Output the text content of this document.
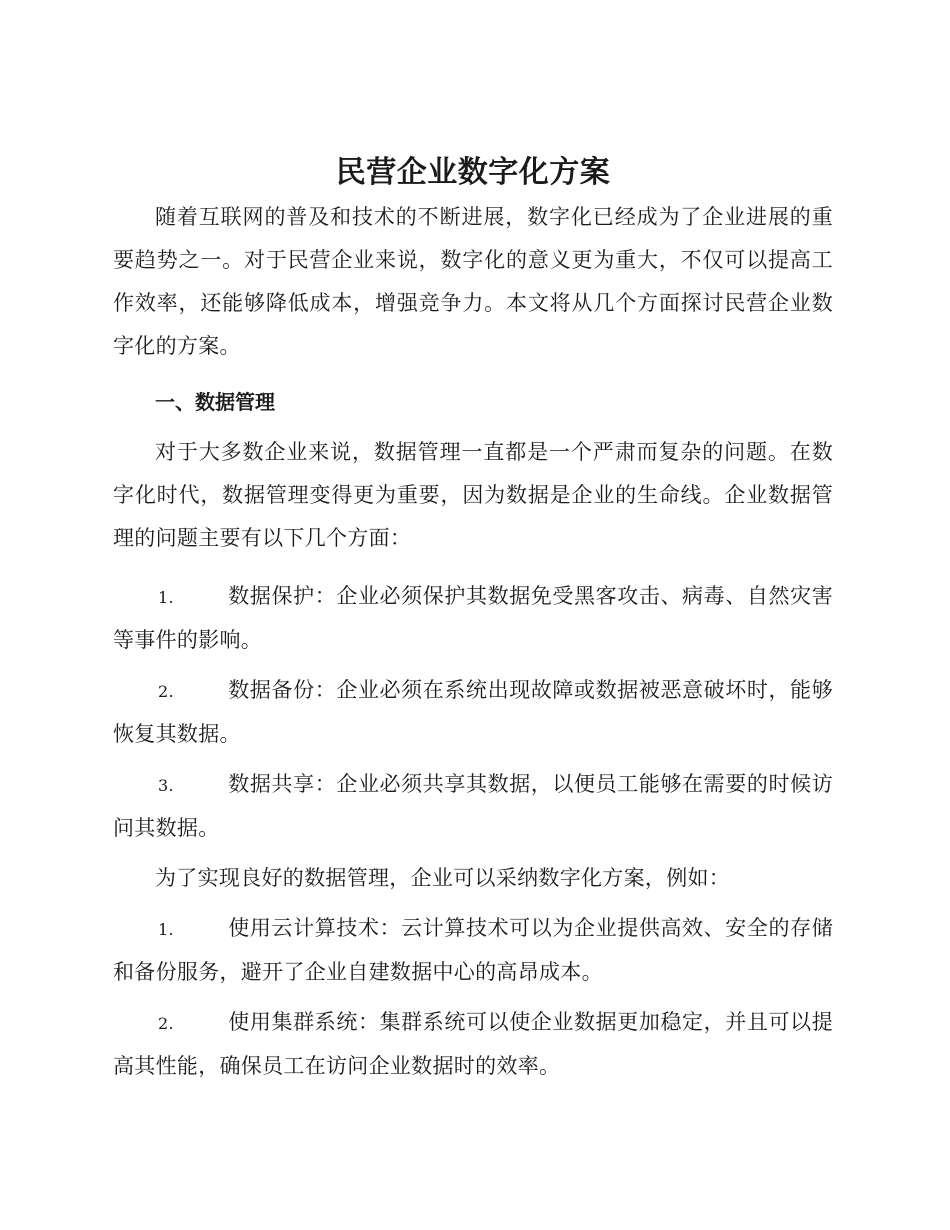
民营企业数字化方案

随着互联网的普及和技术的不断进展，数字化已经成为了企业进展的重要趋势之一。对于民营企业来说，数字化的意义更为重大，不仅可以提高工作效率，还能够降低成本，增强竞争力。本文将从几个方面探讨民营企业数字化的方案。

一、数据管理

对于大多数企业来说，数据管理一直都是一个严肃而复杂的问题。在数字化时代，数据管理变得更为重要，因为数据是企业的生命线。企业数据管理的问题主要有以下几个方面：

1.	数据保护：企业必须保护其数据免受黑客攻击、病毒、自然灾害等事件的影响。
2.	数据备份：企业必须在系统出现故障或数据被恶意破坏时，能够恢复其数据。
3.	数据共享：企业必须共享其数据，以便员工能够在需要的时候访问其数据。

为了实现良好的数据管理，企业可以采纳数字化方案，例如：

1.	使用云计算技术：云计算技术可以为企业提供高效、安全的存储和备份服务，避开了企业自建数据中心的高昂成本。
2.	使用集群系统：集群系统可以使企业数据更加稳定，并且可以提高其性能，确保员工在访问企业数据时的效率。
